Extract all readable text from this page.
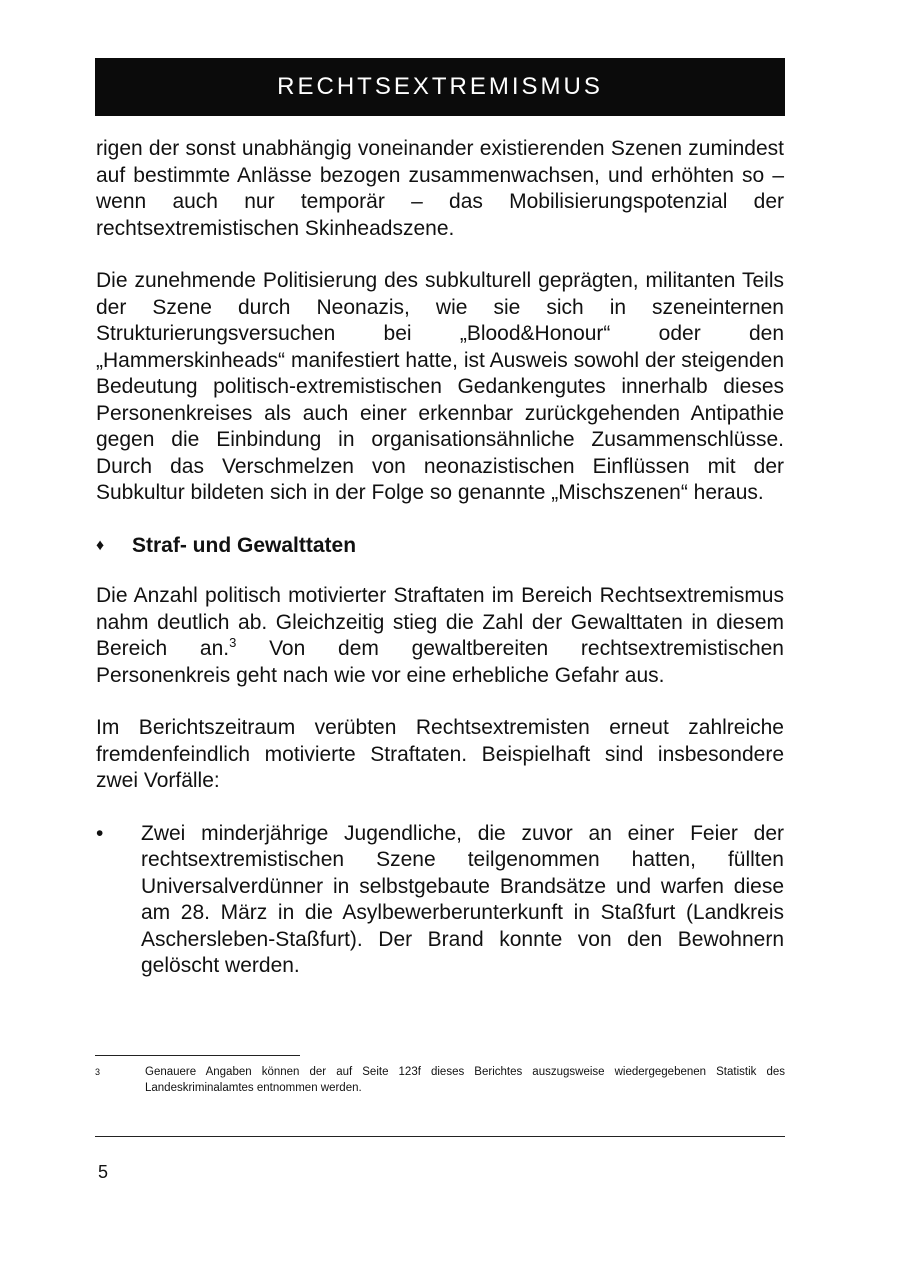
RECHTSEXTREMISMUS

rigen der sonst unabhängig voneinander existierenden Szenen zumindest auf bestimmte Anlässe bezogen zusammenwachsen, und erhöhten so – wenn auch nur temporär – das Mobilisierungspotenzial der rechtsextremistischen Skinheadszene.

Die zunehmende Politisierung des subkulturell geprägten, militanten Teils der Szene durch Neonazis, wie sie sich in szeneinternen Strukturierungsversuchen bei „Blood&Honour“ oder den „Hammerskinheads“ manifestiert hatte, ist Ausweis sowohl der steigenden Bedeutung politisch-extremistischen Gedankengutes innerhalb dieses Personenkreises als auch einer erkennbar zurückgehenden Antipathie gegen die Einbindung in organisationsähnliche Zusammenschlüsse. Durch das Verschmelzen von neonazistischen Einflüssen mit der Subkultur bildeten sich in der Folge so genannte „Mischszenen“ heraus.

♦	Straf- und Gewalttaten

Die Anzahl politisch motivierter Straftaten im Bereich Rechtsextremismus nahm deutlich ab. Gleichzeitig stieg die Zahl der Gewalttaten in diesem Bereich an.$^3$ Von dem gewaltbereiten rechtsextremistischen Personenkreis geht nach wie vor eine erhebliche Gefahr aus.

Im Berichtszeitraum verübten Rechtsextremisten erneut zahlreiche fremdenfeindlich motivierte Straftaten. Beispielhaft sind insbesondere zwei Vorfälle:

•	Zwei minderjährige Jugendliche, die zuvor an einer Feier der rechtsextremistischen Szene teilgenommen hatten, füllten Universalverdünner in selbstgebaute Brandsätze und warfen diese am 28. März in die Asylbewerberunterkunft in Staßfurt (Landkreis Aschersleben-Staßfurt). Der Brand konnte von den Bewohnern gelöscht werden.
3	Genauere Angaben können der auf Seite 123f dieses Berichtes auszugsweise wiedergegebenen Statistik des Landeskriminalamtes entnommen werden.
5
